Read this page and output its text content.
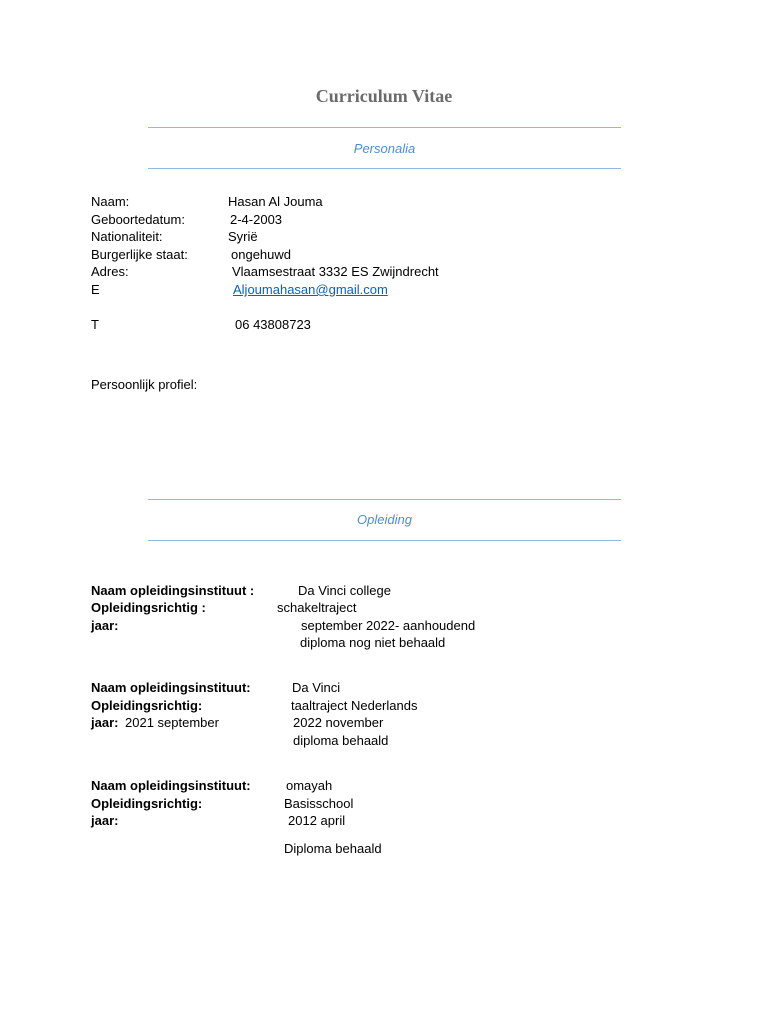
Curriculum Vitae
Personalia
Naam:	Hasan Al Jouma
Geboortedatum:	2-4-2003
Nationaliteit:	Syrië
Burgerlijke staat:	ongehuwd
Adres:	Vlaamsestraat 3332 ES Zwijndrecht
E	Aljoumahasan@gmail.com
T	06 43808723
Persoonlijk profiel:
Opleiding
Naam opleidingsinstituut :	Da Vinci college
Opleidingsrichtig :	schakeltraject
jaar:	september 2022- aanhoudend
diploma nog niet behaald
Naam opleidingsinstituut:	Da Vinci
Opleidingsrichtig:	taaltraject Nederlands
jaar: 2021 september	2022 november
diploma behaald
Naam opleidingsinstituut:	omayah
Opleidingsrichtig:	Basisschool
jaar:	2012 april
Diploma behaald
